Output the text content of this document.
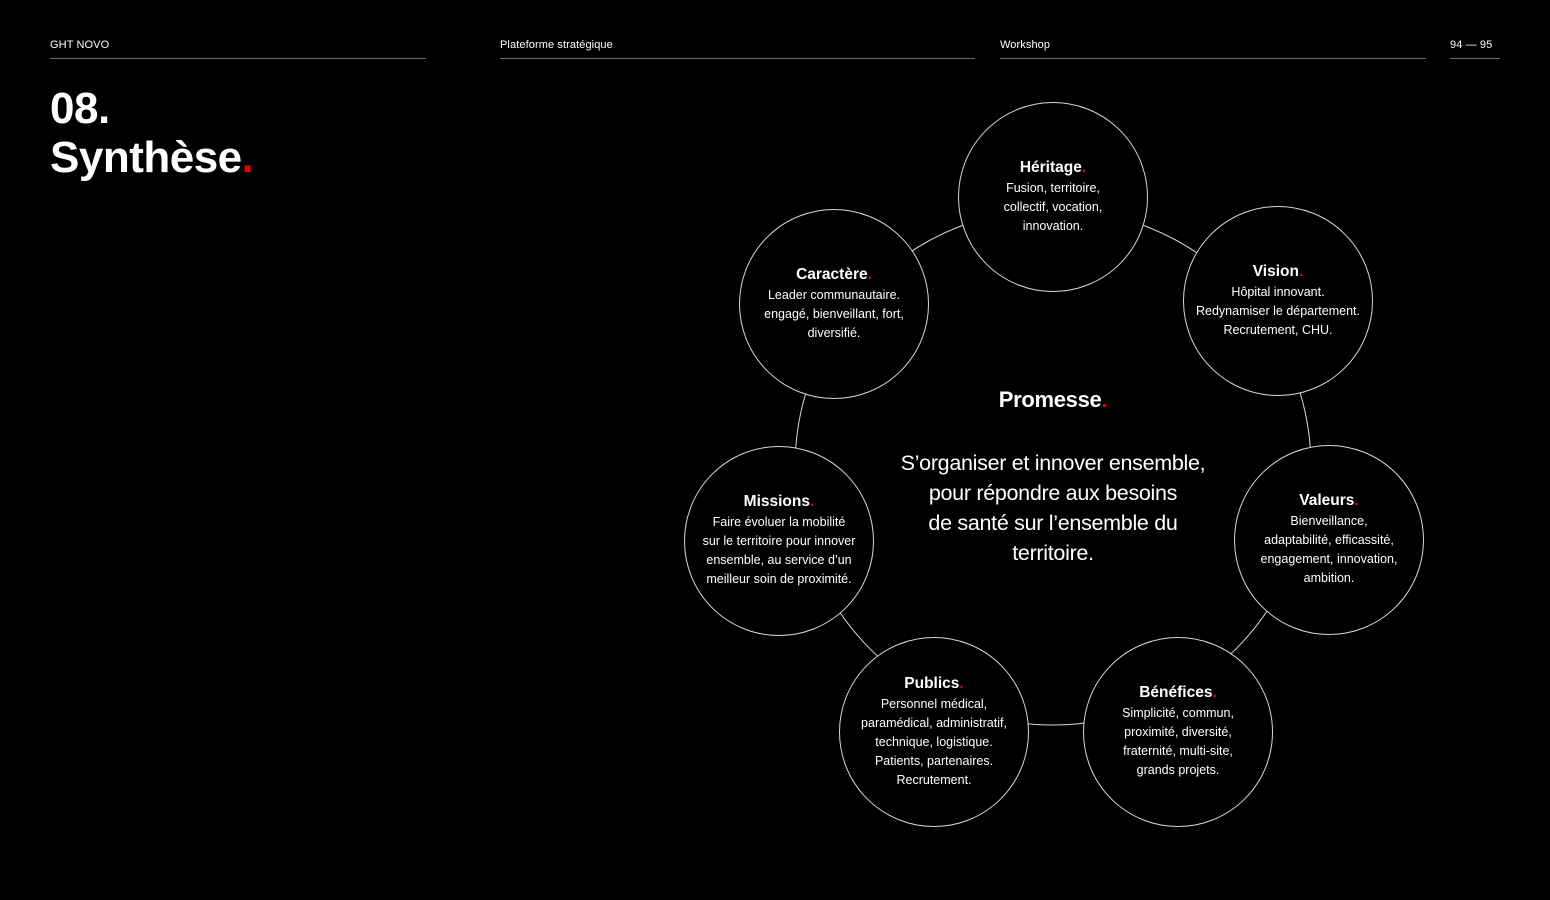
GHT NOVO	Plateforme stratégique	Workshop	94 — 95
08.
Synthèse.	Héritage.
Fusion, territoire,
collectif, vocation,
innovation.
Vision.
Hôpital innovant.
Redynamiser le département.
Recrutement, CHU.
Caractère.
Leader communautaire.
engagé, bienveillant, fort,
diversifié.
Missions.
Faire évoluer la mobilité
sur le territoire pour innover
ensemble, au service d’un
meilleur soin de proximité.
Valeurs.
Bienveillance,
adaptabilité, efficassité,
engagement, innovation,
ambition.
Publics.
Personnel médical,
paramédical, administratif,
technique, logistique.
Patients, partenaires.
Recrutement.
Bénéfices.
Simplicité, commun,
proximité, diversité,
fraternité, multi-site,
grands projets.
Promesse.
S’organiser et innover ensemble,
pour répondre aux besoins
de santé sur l’ensemble du
territoire.
